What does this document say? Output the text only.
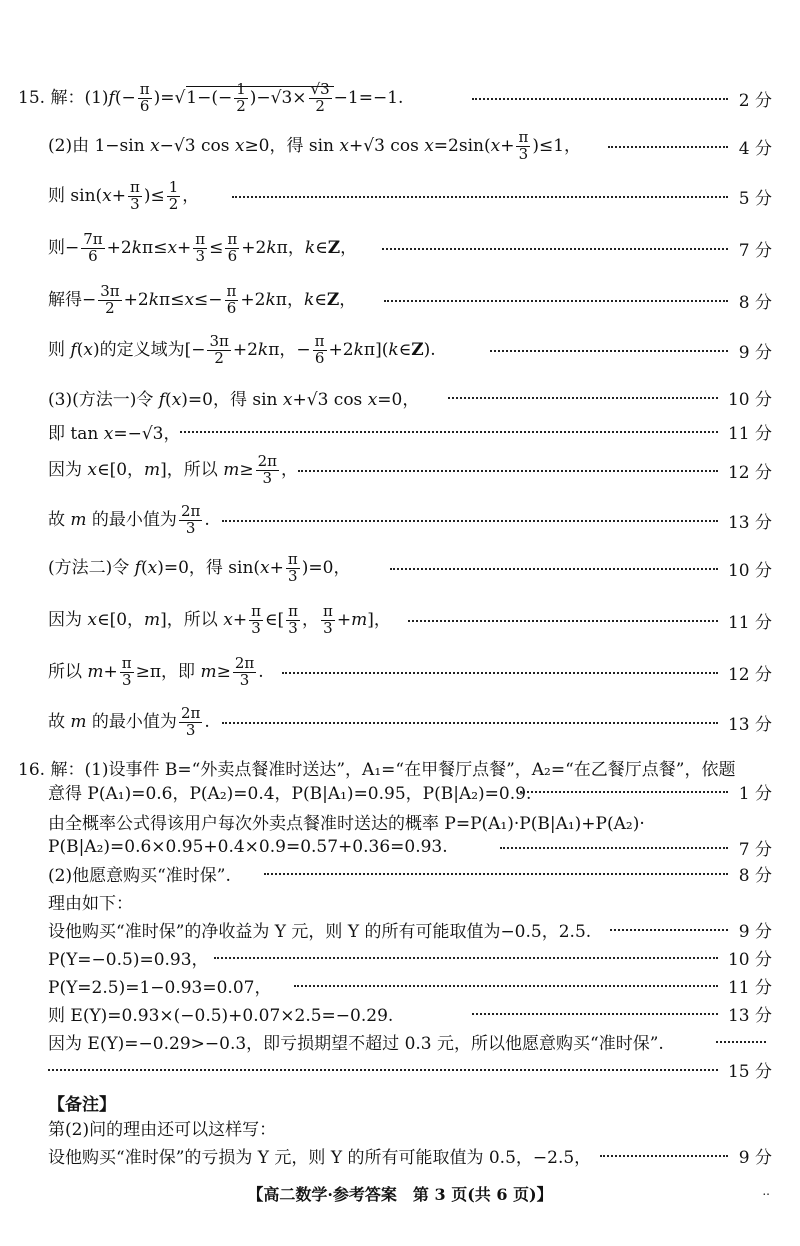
15. 解：$(1)f(- \frac{\pi}{6} )=√1-(- \frac{1}{2} )-√3\times \frac{√3}{2} -1=-1$.	2 分
(2)由 1−sin x−√3 cos x≥0，得 sin x+√3 $\cos x=2\sin(x+ \frac{\pi}{3} )\le 1$，	4 分
则 $\sin(x+ \frac{\pi}{3}$ )≤ $\frac{1}{2}$ ，	5 分
则− $\frac{7\pi}{6} +2k\pi\le x+ \frac{\pi}{3} \le \frac{\pi}{6} +2k\pi$，k∈Z，	7 分
解得− $\frac{3\pi}{2} +2k\pi\le x\le- \frac{\pi}{6} +2k\pi$，k∈Z，	8 分
则 f(x)的定义域为[− $\frac{3\pi}{2} +2k\pi$，− $\frac{\pi}{6}$ +2kπ](k∈Z).	9 分
(3)(方法一)令 f(x)=0，得 sin x+√3 cos x=0，	10 分
即 tan x=−√3，	11 分
因为 x∈[0，m]，所以 $m\ge \frac{2\pi}{3}$ ，	12 分
故 m 的最小值为 $\frac{2\pi}{3}$ .	13 分
(方法二)令 f(x)=0，得 $\sin(x+ \frac{\pi}{3} )=0$，	10 分
因为 x∈[0，m]，所以 $x+ \frac{\pi}{3}$ ∈[ $\frac{\pi}{3}$ ， $\frac{\pi}{3} +m$]，	11 分
所以 $m+ \frac{\pi}{3} \ge\pi$，即 $m\ge \frac{2\pi}{3}$ .	12 分
故 m 的最小值为 $\frac{2\pi}{3}$ .	13 分
16. 解：(1)设事件 B=“外卖点餐准时送达”，A₁=“在甲餐厅点餐”，A₂=“在乙餐厅点餐”，依题
意得 P(A₁)=0.6，P(A₂)=0.4，P(B|A₁)=0.95，P(B|A₂)=0.9.	1 分
由全概率公式得该用户每次外卖点餐准时送达的概率 P=P(A₁)·P(B|A₁)+P(A₂)·
P(B|A₂)=0.6×0.95+0.4×0.9=0.57+0.36=0.93.	7 分
(2)他愿意购买“准时保”.	8 分
理由如下：
设他购买“准时保”的净收益为 Y 元，则 Y 的所有可能取值为−0.5，2.5.	9 分
P(Y=−0.5)=0.93，	10 分
P(Y=2.5)=1−0.93=0.07，	11 分
则 E(Y)=0.93×(−0.5)+0.07×2.5=−0.29.	13 分
因为 E(Y)=−0.29>−0.3，即亏损期望不超过 0.3 元，所以他愿意购买“准时保”.
15 分
【备注】
第(2)问的理由还可以这样写：
设他购买“准时保”的亏损为 Y 元，则 Y 的所有可能取值为 0.5，−2.5，	9 分
【高二数学·参考答案　第 3 页(共 6 页)】	..
